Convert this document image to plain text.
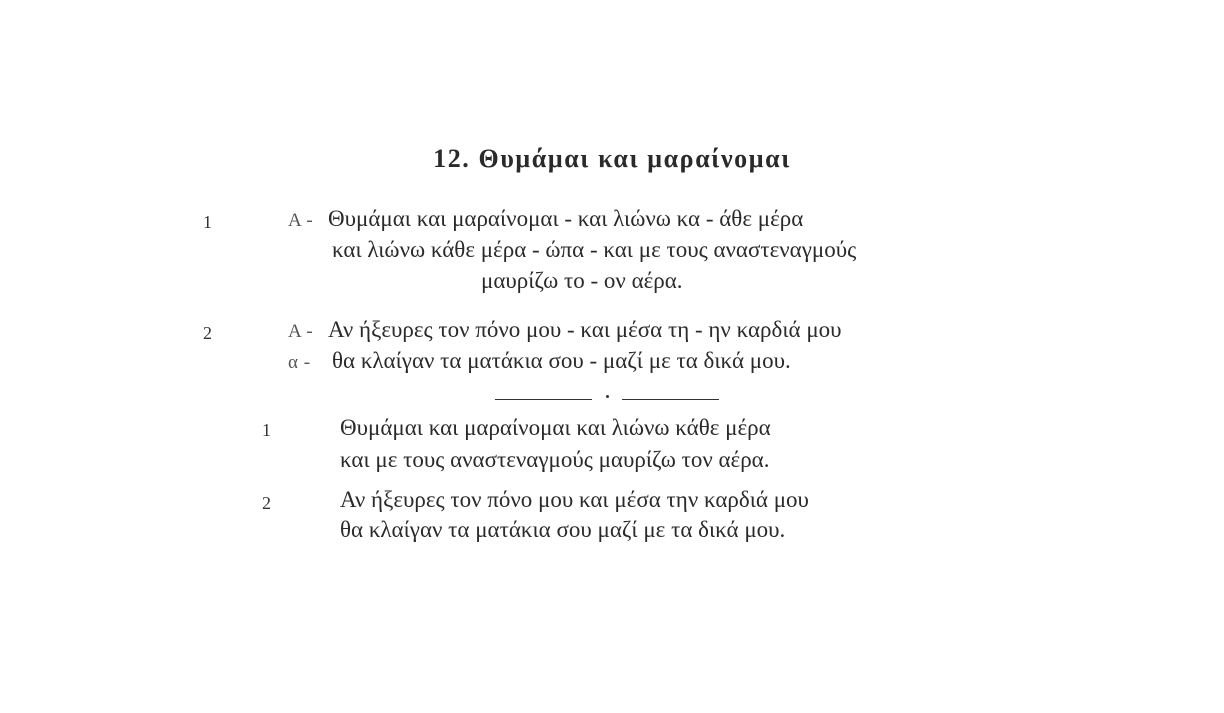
12. Θυμάμαι και μαραίνομαι
1	Α - Θυμάμαι και μαραίνομαι - και λιώνω κα - άθε μέρα
και λιώνω κάθε μέρα - ώπα - και με τους αναστεναγμούς
μαυρίζω το - ον αέρα.
2	Α - Αν ήξευρες τον πόνο μου - και μέσα τη - ην καρδιά μου
α - θα κλαίγαν τα ματάκια σου - μαζί με τα δικά μου.
1	Θυμάμαι και μαραίνομαι και λιώνω κάθε μέρα
και με τους αναστεναγμούς μαυρίζω τον αέρα.
2	Αν ήξευρες τον πόνο μου και μέσα την καρδιά μου
θα κλαίγαν τα ματάκια σου μαζί με τα δικά μου.
